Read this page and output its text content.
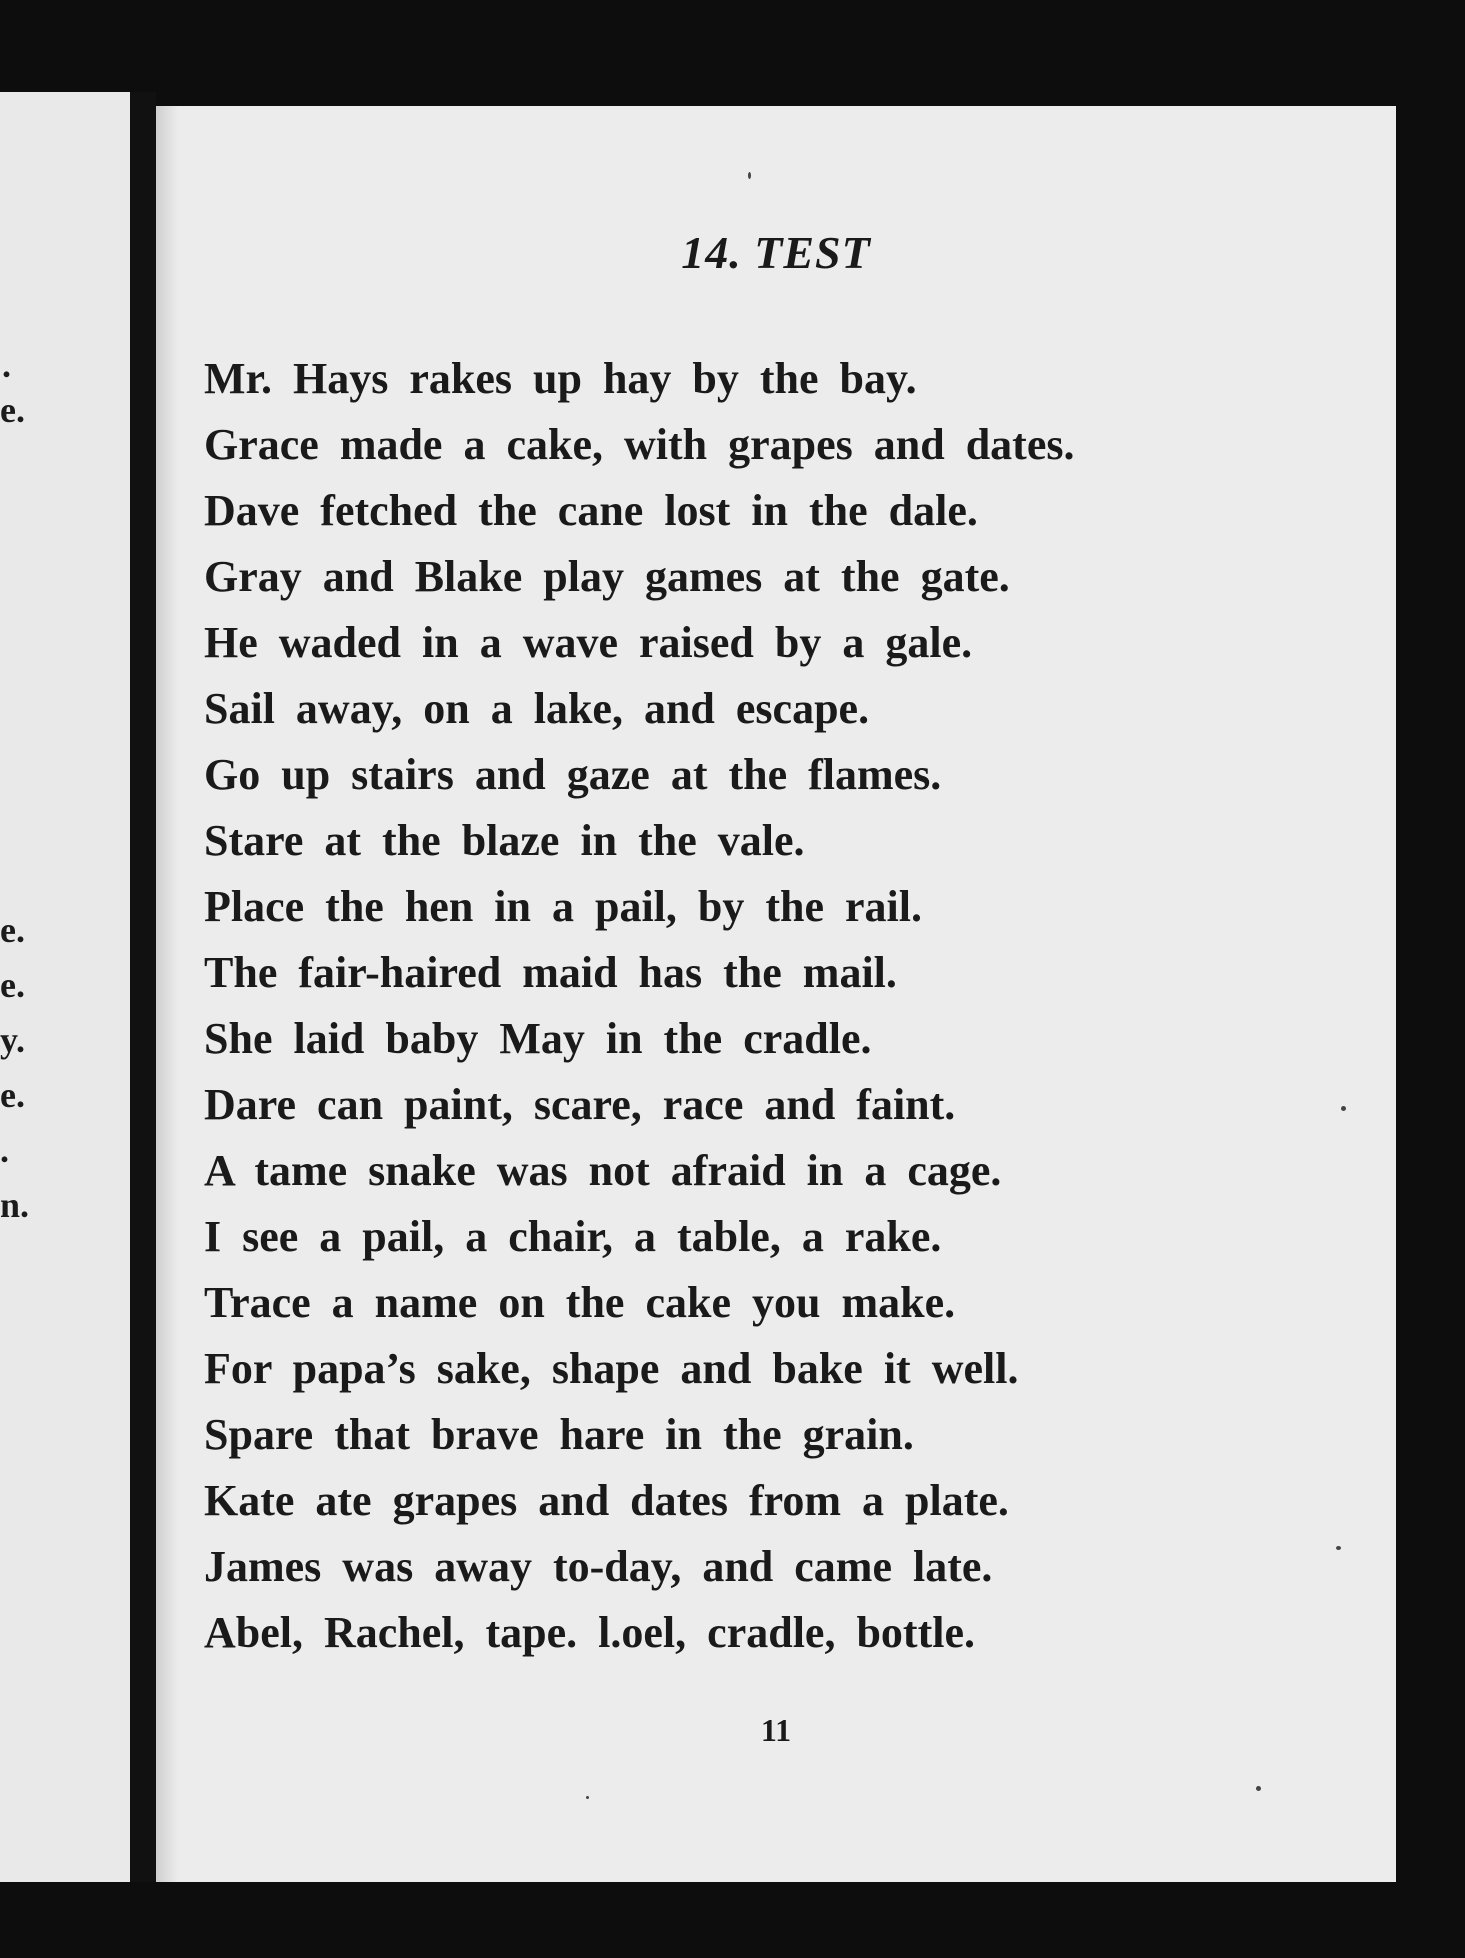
.
e.
e.
e.
y.
e.
.
n.
14. TEST
Mr. Hays rakes up hay by the bay.
Grace made a cake, with grapes and dates.
Dave fetched the cane lost in the dale.
Gray and Blake play games at the gate.
He waded in a wave raised by a gale.
Sail away, on a lake, and escape.
Go up stairs and gaze at the flames.
Stare at the blaze in the vale.
Place the hen in a pail, by the rail.
The fair-haired maid has the mail.
She laid baby May in the cradle.
Dare can paint, scare, race and faint.
A tame snake was not afraid in a cage.
I see a pail, a chair, a table, a rake.
Trace a name on the cake you make.
For papa’s sake, shape and bake it well.
Spare that brave hare in the grain.
Kate ate grapes and dates from a plate.
James was away to-day, and came late.
Abel, Rachel, tape. l.oel, cradle, bottle.
11
